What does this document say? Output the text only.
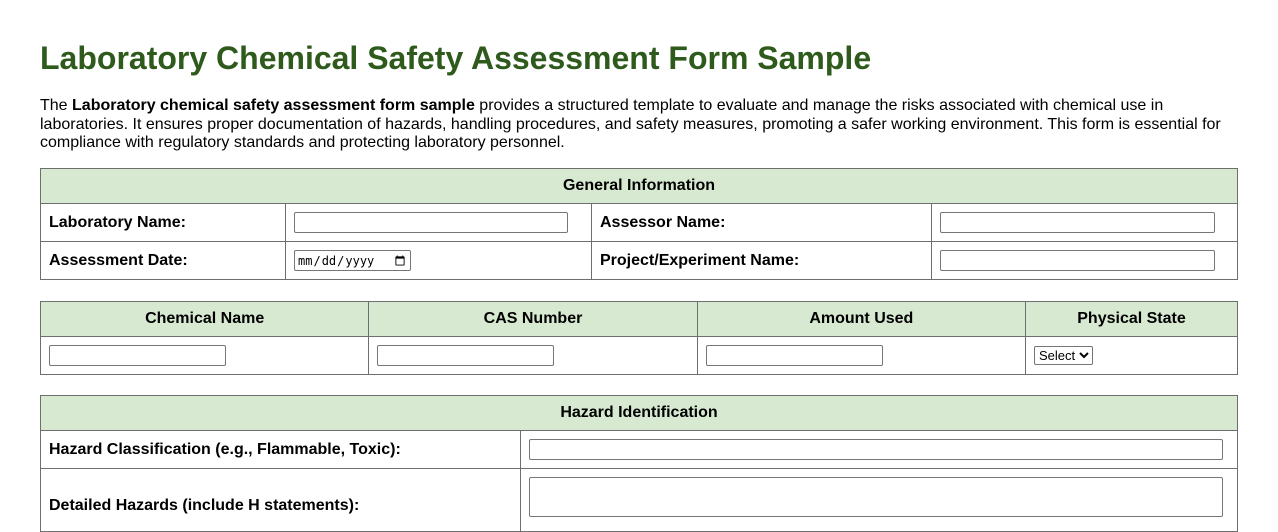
Laboratory Chemical Safety Assessment Form Sample

The Laboratory chemical safety assessment form sample provides a structured template to evaluate and manage the risks associated with chemical use in laboratories. It ensures proper documentation of hazards, handling procedures, and safety measures, promoting a safer working environment. This form is essential for compliance with regulatory standards and protecting laboratory personnel.

General Information			
Laboratory Name:		Assessor Name:	
Assessment Date:	mm/dd/yyyy	Project/Experiment Name:	
Chemical Name	CAS Number	Amount Used	Physical State

Select
Hazard Identification	
Hazard Classification (e.g., Flammable, Toxic):	
Detailed Hazards (include H statements):	
